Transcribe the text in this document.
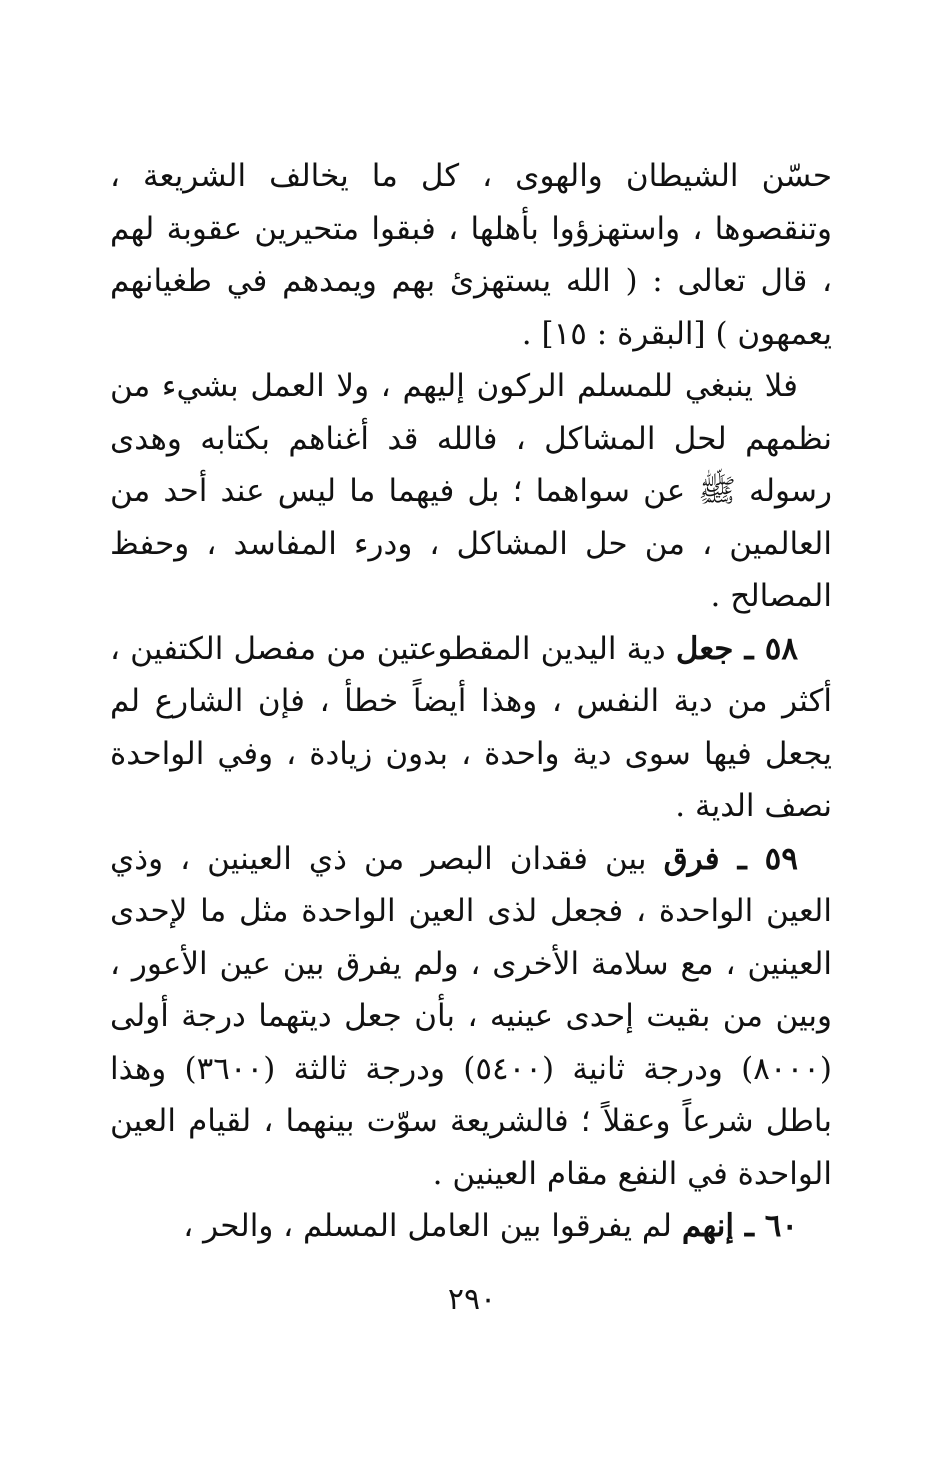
حسّن الشيطان والهوى ، كل ما يخالف الشريعة ، وتنقصوها ، واستهزؤوا بأهلها ، فبقوا متحيرين عقوبة لهم ، قال تعالى : ( الله يستهزئ بهم ويمدهم في طغيانهم يعمهون ) [البقرة : ١٥] .

فلا ينبغي للمسلم الركون إليهم ، ولا العمل بشيء من نظمهم لحل المشاكل ، فالله قد أغناهم بكتابه وهدى رسوله ﷺ عن سواهما ؛ بل فيهما ما ليس عند أحد من العالمين ، من حل المشاكل ، ودرء المفاسد ، وحفظ المصالح .

٥٨ ـ جعل دية اليدين المقطوعتين من مفصل الكتفين ، أكثر من دية النفس ، وهذا أيضاً خطأ ، فإن الشارع لم يجعل فيها سوى دية واحدة ، بدون زيادة ، وفي الواحدة نصف الدية .

٥٩ ـ فرق بين فقدان البصر من ذي العينين ، وذي العين الواحدة ، فجعل لذى العين الواحدة مثل ما لإحدى العينين ، مع سلامة الأخرى ، ولم يفرق بين عين الأعور ، وبين من بقيت إحدى عينيه ، بأن جعل ديتهما درجة أولى (٨٠٠٠) ودرجة ثانية (٥٤٠٠) ودرجة ثالثة (٣٦٠٠) وهذا باطل شرعاً وعقلاً ؛ فالشريعة سوّت بينهما ، لقيام العين الواحدة في النفع مقام العينين .

٦٠ ـ إنهم لم يفرقوا بين العامل المسلم ، والحر ،

٢٩٠
